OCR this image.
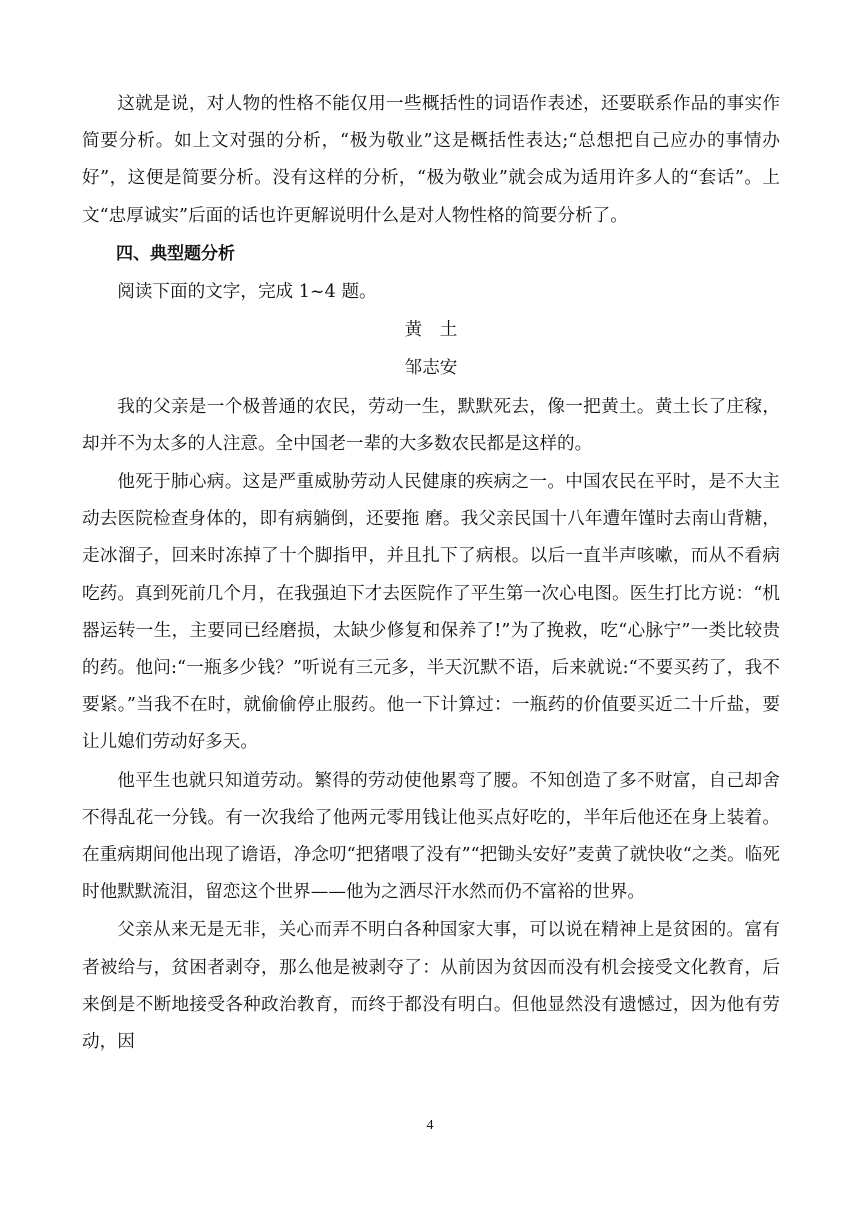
这就是说，对人物的性格不能仅用一些概括性的词语作表述，还要联系作品的事实作简要分析。如上文对强的分析，“极为敬业”这是概括性表达;“总想把自己应办的事情办好”，这便是简要分析。没有这样的分析，“极为敬业”就会成为适用许多人的“套话”。上文“忠厚诚实”后面的话也许更解说明什么是对人物性格的简要分析了。

四、典型题分析

阅读下面的文字，完成 1~4 题。

黄　土

邹志安

我的父亲是一个极普通的农民，劳动一生，默默死去，像一把黄土。黄土长了庄稼，却并不为太多的人注意。全中国老一辈的大多数农民都是这样的。

他死于肺心病。这是严重威胁劳动人民健康的疾病之一。中国农民在平时，是不大主动去医院检查身体的，即有病躺倒，还要拖 磨。我父亲民国十八年遭年馑时去南山背糖，走冰溜子，回来时冻掉了十个脚指甲，并且扎下了病根。以后一直半声咳嗽，而从不看病吃药。真到死前几个月，在我强迫下才去医院作了平生第一次心电图。医生打比方说：“机器运转一生，主要同已经磨损，太缺少修复和保养了!”为了挽救，吃“心脉宁”一类比较贵的药。他问:“一瓶多少钱？”听说有三元多，半天沉默不语，后来就说:“不要买药了，我不要紧。”当我不在时，就偷偷停止服药。他一下计算过：一瓶药的价值要买近二十斤盐，要让儿媳们劳动好多天。

他平生也就只知道劳动。繁得的劳动使他累弯了腰。不知创造了多不财富，自己却舍不得乱花一分钱。有一次我给了他两元零用钱让他买点好吃的，半年后他还在身上装着。在重病期间他出现了谵语，净念叨“把猪喂了没有”“把锄头安好”麦黄了就快收“之类。临死时他默默流泪，留恋这个世界——他为之洒尽汗水然而仍不富裕的世界。

父亲从来无是无非，关心而弄不明白各种国家大事，可以说在精神上是贫困的。富有者被给与，贫困者剥夺，那么他是被剥夺了：从前因为贫因而没有机会接受文化教育，后来倒是不断地接受各种政治教育，而终于都没有明白。但他显然没有遗憾过，因为他有劳动，因

4
